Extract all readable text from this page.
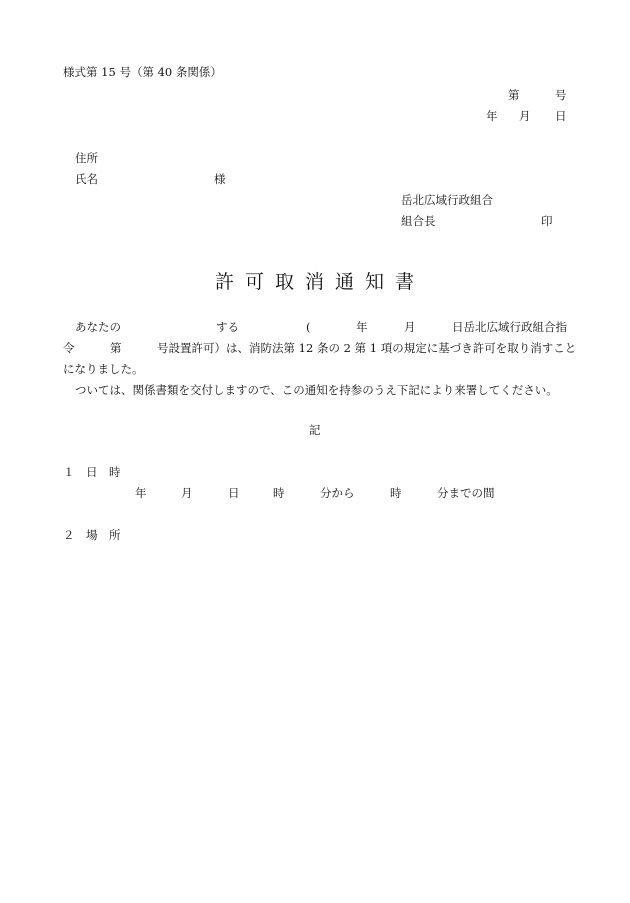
様式第 15 号（第 40 条関係）
第	号
年 月 日
住所
氏名	様
岳北広域行政組合
組合長	印
許 可 取 消 通 知 書
あなたの	する	(	年	月	日岳北広域行政組合指
令	第	号設置許可）は、消防法第 12 条の 2 第 1 項の規定に基づき許可を取り消すこと
になりました。
ついては、関係書類を交付しますので、この通知を持参のうえ下記により来署してください。
記
１　日　時
年	月	日	時	分から	時	分までの間
２　場　所
